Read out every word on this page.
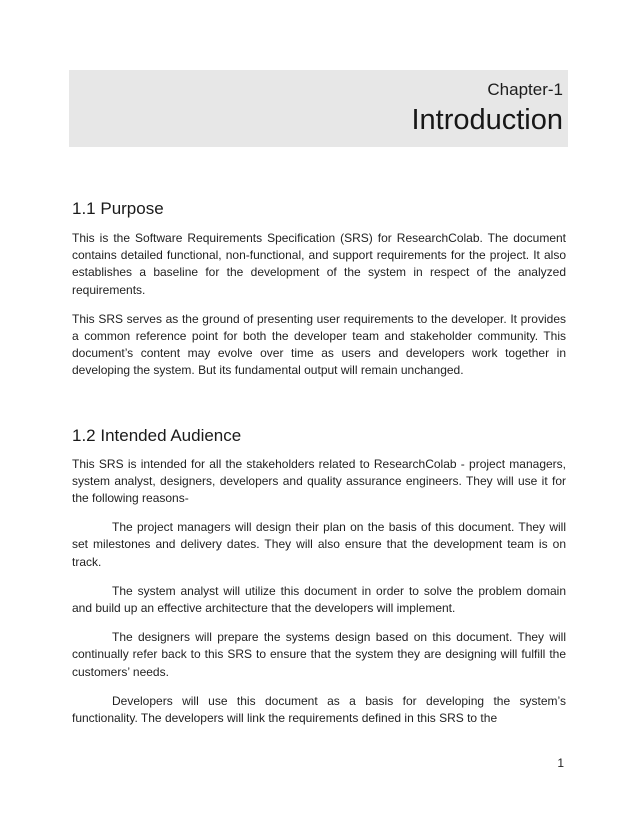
Chapter-1
Introduction
1.1 Purpose

This is the Software Requirements Specification (SRS) for ResearchColab. The document contains detailed functional, non-functional, and support requirements for the project. It also establishes a baseline for the development of the system in respect of the analyzed requirements.

This SRS serves as the ground of presenting user requirements to the developer. It provides a common reference point for both the developer team and stakeholder community. This document’s content may evolve over time as users and developers work together in developing the system. But its fundamental output will remain unchanged.

1.2 Intended Audience

This SRS is intended for all the stakeholders related to ResearchColab - project managers, system analyst, designers, developers and quality assurance engineers. They will use it for the following reasons-

The project managers will design their plan on the basis of this document. They will set milestones and delivery dates. They will also ensure that the development team is on track.

The system analyst will utilize this document in order to solve the problem domain and build up an effective architecture that the developers will implement.

The designers will prepare the systems design based on this document. They will continually refer back to this SRS to ensure that the system they are designing will fulfill the customers’ needs.

Developers will use this document as a basis for developing the system’s functionality. The developers will link the requirements defined in this SRS to the

1
